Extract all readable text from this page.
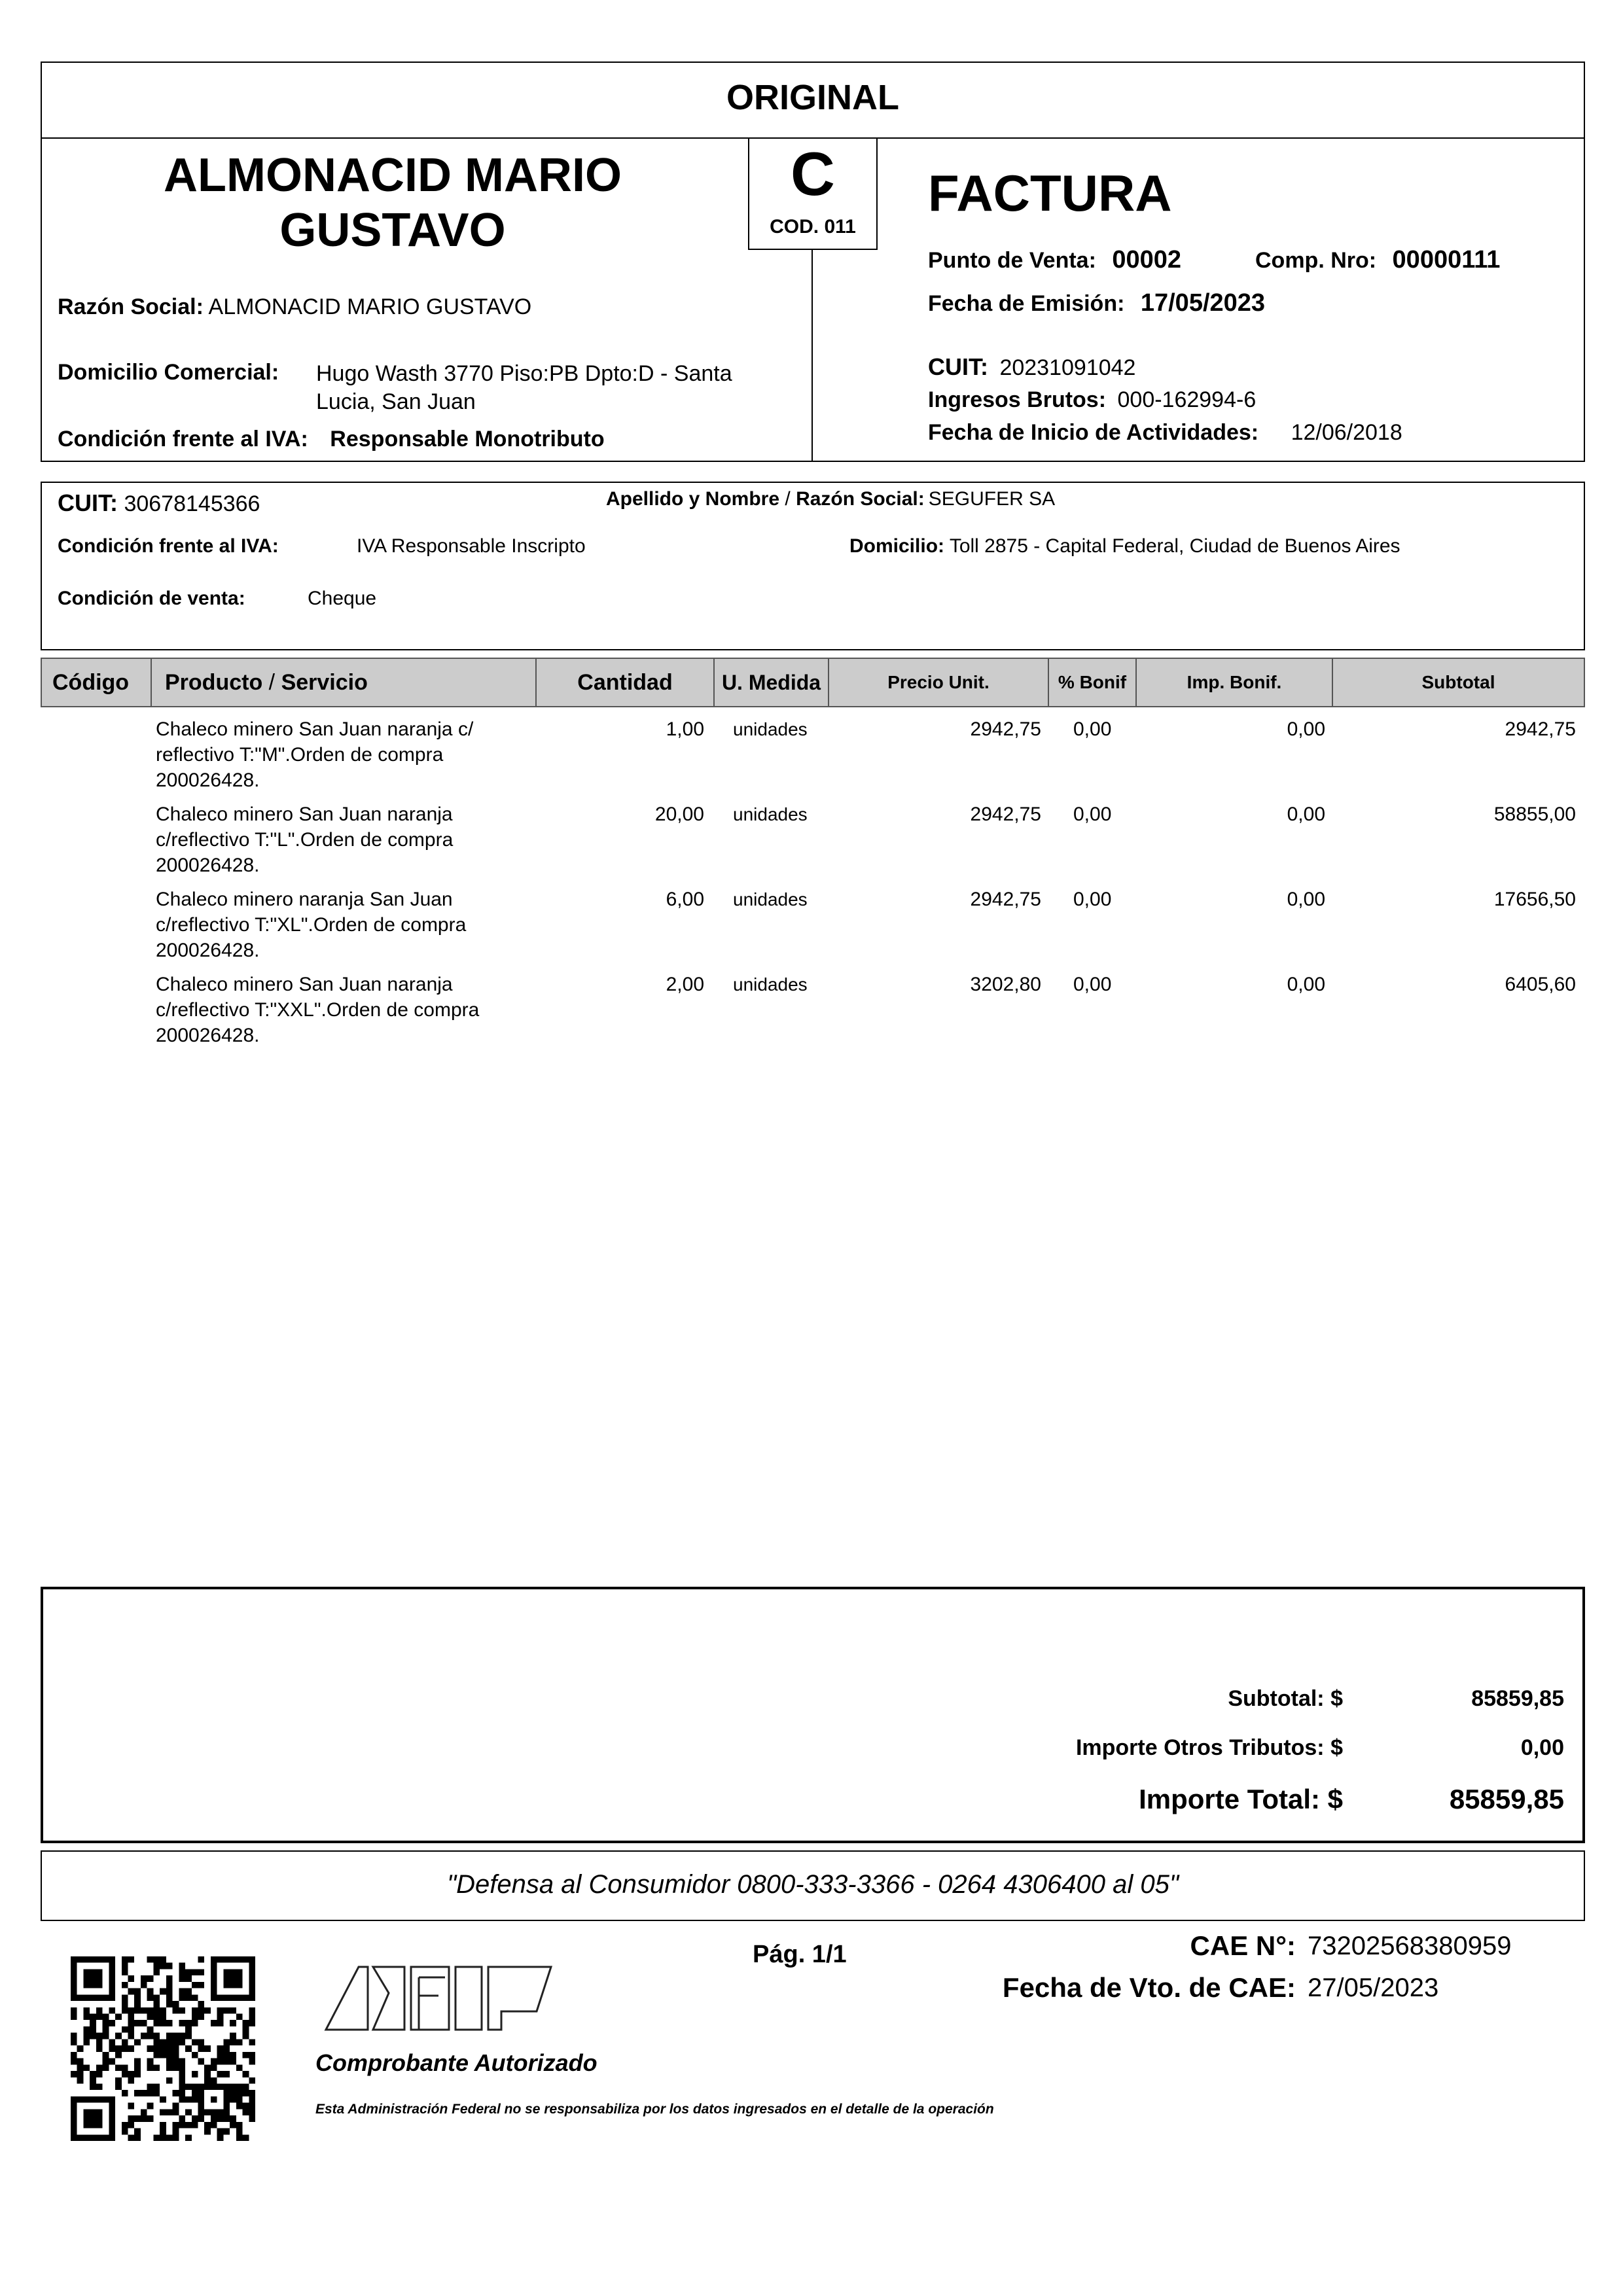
ORIGINAL
ALMONACID MARIO
GUSTAVO
C
COD. 011
FACTURA
Razón Social: ALMONACID MARIO GUSTAVO
Domicilio Comercial: Hugo Wasth 3770 Piso:PB Dpto:D - Santa
Lucia, San Juan
Condición frente al IVA: Responsable Monotributo
Punto de Venta: 00002	Comp. Nro: 00000111
Fecha de Emisión: 17/05/2023
CUIT: 20231091042
Ingresos Brutos: 000-162994-6
Fecha de Inicio de Actividades: 12/06/2018
CUIT: 30678145366	Apellido y Nombre / Razón Social: SEGUFER SA
Condición frente al IVA:	IVA Responsable Inscripto	Domicilio: Toll 2875 - Capital Federal, Ciudad de Buenos Aires
Condición de venta:	Cheque
Código	Producto / Servicio	Cantidad	U. Medida	Precio Unit.	% Bonif	Imp. Bonif.	Subtotal
Chaleco minero San Juan naranja c/
reflectivo T:"M".Orden de compra
200026428.
1,00 unidades	2942,75 0,00	0,00	2942,75
Chaleco minero San Juan naranja
c/reflectivo T:"L".Orden de compra
200026428.
20,00 unidades	2942,75 0,00	0,00	58855,00
Chaleco minero naranja San Juan
c/reflectivo T:"XL".Orden de compra
200026428.
6,00 unidades	2942,75 0,00	0,00	17656,50
Chaleco minero San Juan naranja
c/reflectivo T:"XXL".Orden de compra
200026428.
2,00 unidades	3202,80 0,00	0,00	6405,60
Subtotal: $	85859,85
Importe Otros Tributos: $	0,00
Importe Total: $	85859,85
"Defensa al Consumidor 0800-333-3366 - 0264 4306400 al 05"
Comprobante Autorizado
Esta Administración Federal no se responsabiliza por los datos ingresados en el detalle de la operación
Pág. 1/1	CAE N°: 73202568380959
Fecha de Vto. de CAE: 27/05/2023
